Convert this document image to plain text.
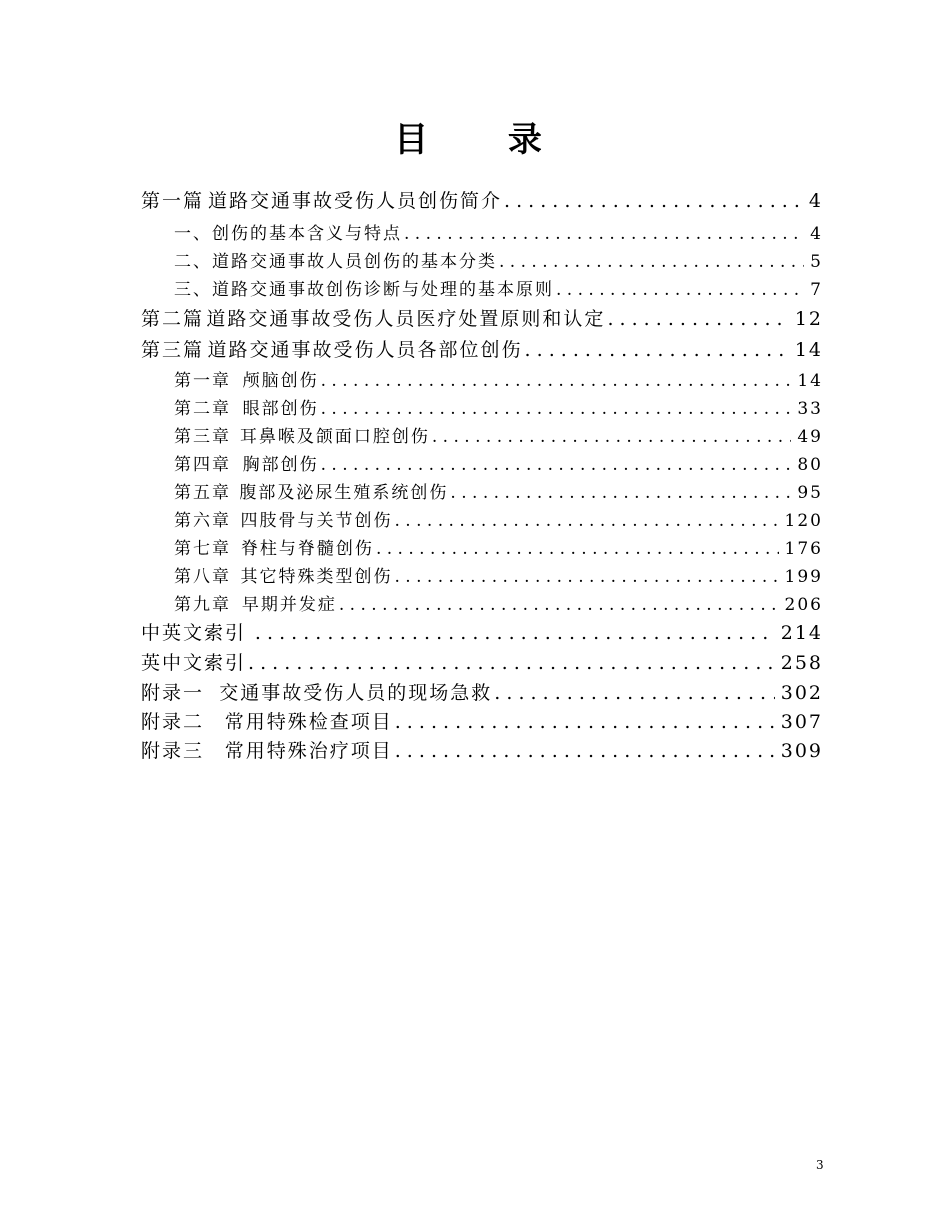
目 录
第一篇 道路交通事故受伤人员创伤简介 . . .	4
一、创伤的基本含义与特点 . . .	4
二、道路交通事故人员创伤的基本分类 . . .	5
三、道路交通事故创伤诊断与处理的基本原则 . . .	7
第二篇 道路交通事故受伤人员医疗处置原则和认定 . . .	12
第三篇 道路交通事故受伤人员各部位创伤 . . .	14
第一章 颅脑创伤 . . .	14
第二章 眼部创伤 . . .	33
第三章 耳鼻喉及颌面口腔创伤 . . .	49
第四章 胸部创伤 . . .	80
第五章 腹部及泌尿生殖系统创伤 . . .	95
第六章 四肢骨与关节创伤 . . .	120
第七章 脊柱与脊髓创伤 . . .	176
第八章 其它特殊类型创伤 . . .	199
第九章 早期并发症 . . .	206
中英文索引 . . .	214
英中文索引 . . .	258
附录一 交通事故受伤人员的现场急救 . . .	302
附录二 常用特殊检查项目 . . .	307
附录三 常用特殊治疗项目 . . .	309
3
